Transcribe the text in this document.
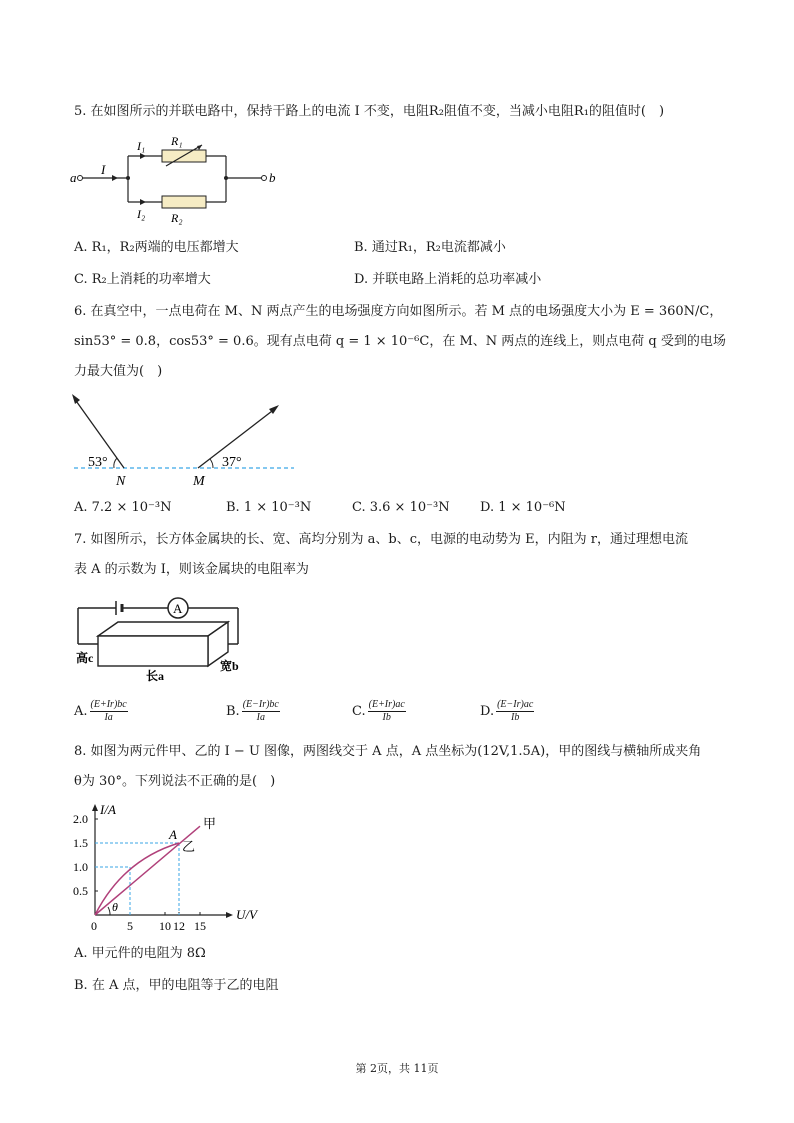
5. 在如图所示的并联电路中，保持干路上的电流 I 不变，电阻R₂阻值不变，当减小电阻R₁的阻值时(　)
a	b
I
I₁
I₂
R₁
R₂
A. R₁，R₂两端的电压都增大	B. 通过R₁，R₂电流都减小
C. R₂上消耗的功率增大	D. 并联电路上消耗的总功率减小
6. 在真空中，一点电荷在 M、N 两点产生的电场强度方向如图所示。若 M 点的电场强度大小为 E = 360N/C，
sin53° = 0.8，cos53° = 0.6。现有点电荷 q = 1 × 10⁻⁶C，在 M、N 两点的连线上，则点电荷 q 受到的电场
力最大值为(　)
53°	37°
N	M
A. 7.2 × 10⁻³N	B. 1 × 10⁻³N	C. 3.6 × 10⁻³N D. 1 × 10⁻⁶N
7. 如图所示，长方体金属块的长、宽、高均分别为 a、b、c，电源的电动势为 E，内阻为 r，通过理想电流
表 A 的示数为 I，则该金属块的电阻率为
A
高c
长a
宽b
A. $\frac{(E+Ir)bc}{Ia}$	B. $\frac{(E-Ir)bc}{Ia}$	C. $\frac{(E+Ir)ac}{Ib}$	D. $\frac{(E-Ir)ac}{Ib}$
8. 如图为两元件甲、乙的 I − U 图像，两图线交于 A 点，A 点坐标为(12V,1.5A)，甲的图线与横轴所成夹角
θ为 30°。下列说法不正确的是(　)
I/A
U/V
5 10 12 15
0.5
1.0
1.5
2.0
θ
0
A
甲
乙
A. 甲元件的电阻为 8Ω
B. 在 A 点，甲的电阻等于乙的电阻
第 2页，共 11页
